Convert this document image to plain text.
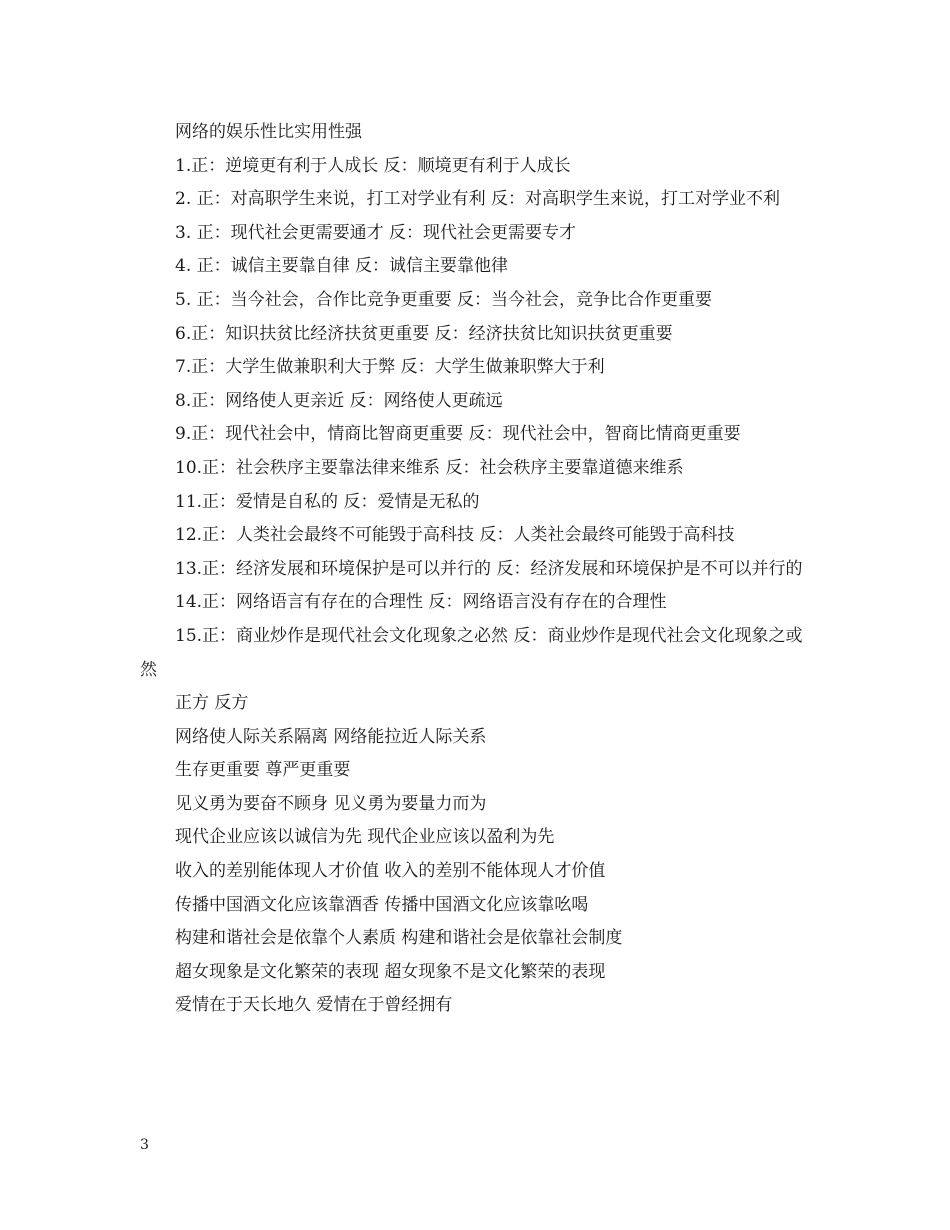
网络的娱乐性比实用性强

1.正：逆境更有利于人成长 反：顺境更有利于人成长

2. 正：对高职学生来说，打工对学业有利 反：对高职学生来说，打工对学业不利

3. 正：现代社会更需要通才 反：现代社会更需要专才

4. 正：诚信主要靠自律 反：诚信主要靠他律

5. 正：当今社会，合作比竞争更重要 反：当今社会，竞争比合作更重要

6.正：知识扶贫比经济扶贫更重要 反：经济扶贫比知识扶贫更重要

7.正：大学生做兼职利大于弊 反：大学生做兼职弊大于利

8.正：网络使人更亲近 反：网络使人更疏远

9.正：现代社会中，情商比智商更重要 反：现代社会中，智商比情商更重要

10.正：社会秩序主要靠法律来维系 反：社会秩序主要靠道德来维系

11.正：爱情是自私的 反：爱情是无私的

12.正：人类社会最终不可能毁于高科技 反：人类社会最终可能毁于高科技

13.正：经济发展和环境保护是可以并行的 反：经济发展和环境保护是不可以并行的

14.正：网络语言有存在的合理性 反：网络语言没有存在的合理性

15.正：商业炒作是现代社会文化现象之必然 反：商业炒作是现代社会文化现象之或然

正方 反方

网络使人际关系隔离 网络能拉近人际关系

生存更重要 尊严更重要

见义勇为要奋不顾身 见义勇为要量力而为

现代企业应该以诚信为先 现代企业应该以盈利为先

收入的差别能体现人才价值 收入的差别不能体现人才价值

传播中国酒文化应该靠酒香 传播中国酒文化应该靠吆喝

构建和谐社会是依靠个人素质 构建和谐社会是依靠社会制度

超女现象是文化繁荣的表现 超女现象不是文化繁荣的表现

爱情在于天长地久 爱情在于曾经拥有

3
